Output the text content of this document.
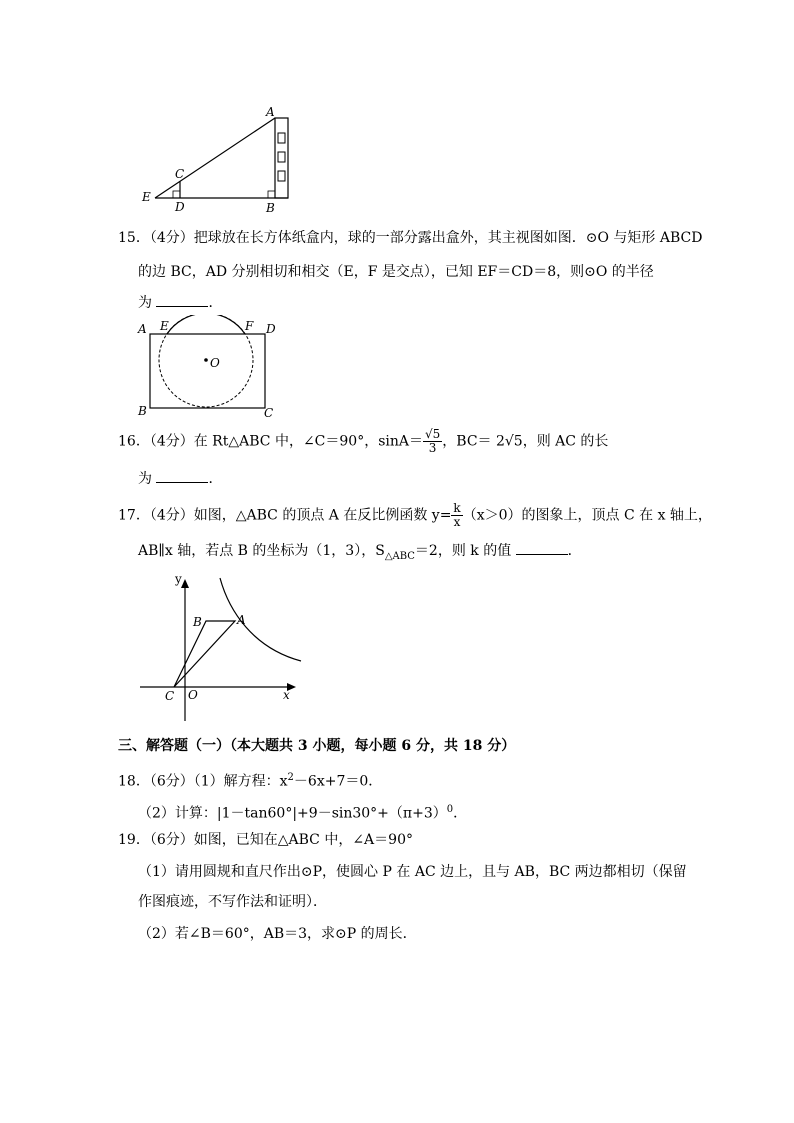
A
B
C
D
E
15．（4分）把球放在长方体纸盒内，球的一部分露出盒外，其主视图如图．⊙O 与矩形 ABCD
的边 BC，AD 分别相切和相交（E，F 是交点），已知 EF＝CD＝8，则⊙O 的半径
为	．
A E	F D
B	C
O
16．（4分）在 Rt△ABC 中，∠C＝90°，$\sin A= \frac{√5}{3}$ ，BC＝ 2√5，则 AC 的长
为	．
17．（4分）如图，△ABC 的顶点 A 在反比例函数 $y= \frac{k}{x} (x>0)$的图象上，顶点 C 在 x 轴上，
AB∥x 轴，若点 B 的坐标为（1，3），$S_{\triangle ABC}=2$，则 k 的值	．
y
x
B	A
C O
三、解答题（一）（本大题共 3 小题，每小题 6 分，共 18 分）
18．（6分）（1）解方程：$x^2-6x+7=0$．
（2）计算：$|1-\tan 60^\circ|+9-\sin 30^\circ+(\pi+3)^0$．
19．（6分）如图，已知在△ABC 中，∠A＝90°
（1）请用圆规和直尺作出⊙P，使圆心 P 在 AC 边上，且与 AB，BC 两边都相切（保留
作图痕迹，不写作法和证明）．
（2）若∠B＝60°，AB＝3，求⊙P 的周长．
